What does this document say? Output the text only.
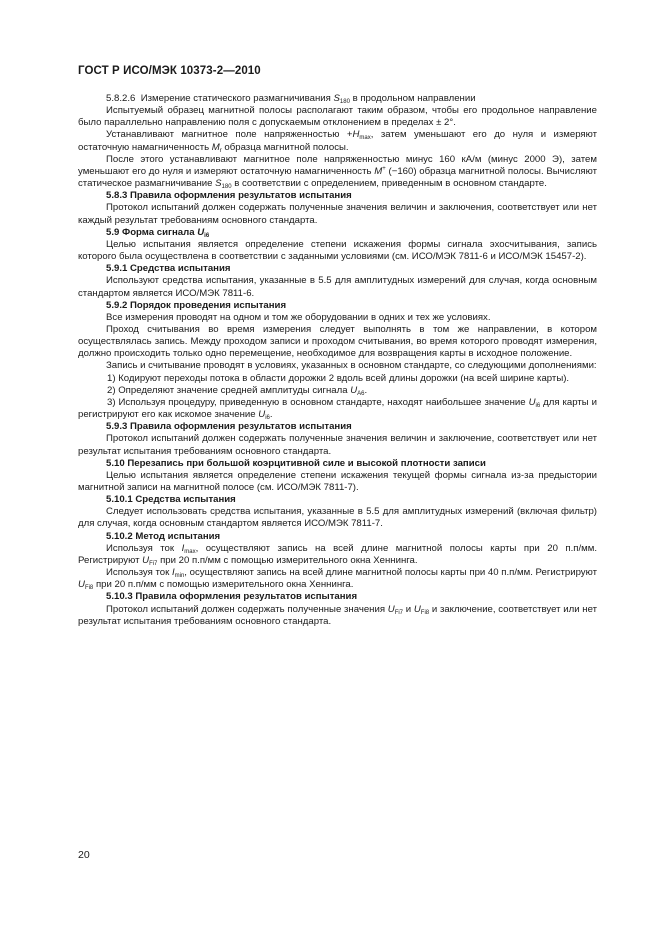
ГОСТ Р ИСО/МЭК 10373-2—2010

5.8.2.6 Измерение статического размагничивания $S_{180}$ в продольном направлении

Испытуемый образец магнитной полосы располагают таким образом, чтобы его продольное направление было параллельно направлению поля с допускаемым отклонением в пределах ± 2°.

Устанавливают магнитное поле напряженностью $+H_{max}$, затем уменьшают его до нуля и измеряют остаточную намагниченность $M_r$ образца магнитной полосы.

После этого устанавливают магнитное поле напряженностью минус 160 кА/м (минус 2000 Э), затем уменьшают его до нуля и измеряют остаточную намагниченность M+ (−160) образца магнитной полосы. Вычисляют статическое размагничивание $S_{180}$ в соответствии с определением, приведенным в основном стандарте.

5.8.3 Правила оформления результатов испытания

Протокол испытаний должен содержать полученные значения величин и заключения, соответствует или нет каждый результат требованиям основного стандарта.

5.9 Форма сигнала $U_{i6}$

Целью испытания является определение степени искажения формы сигнала эхосчитывания, запись которого была осуществлена в соответствии с заданными условиями (см. ИСО/МЭК 7811-6 и ИСО/МЭК 15457-2).

5.9.1 Средства испытания

Используют средства испытания, указанные в 5.5 для амплитудных измерений для случая, когда основным стандартом является ИСО/МЭК 7811-6.

5.9.2 Порядок проведения испытания

Все измерения проводят на одном и том же оборудовании в одних и тех же условиях.

Проход считывания во время измерения следует выполнять в том же направлении, в котором осуществлялась запись. Между проходом записи и проходом считывания, во время которого проводят измерения, должно происходить только одно перемещение, необходимое для возвращения карты в исходное положение.

Запись и считывание проводят в условиях, указанных в основном стандарте, со следующими дополнениями:

1) Кодируют переходы потока в области дорожки 2 вдоль всей длины дорожки (на всей ширине карты).

2) Определяют значение средней амплитуды сигнала $U_{A6}$.

3) Используя процедуру, приведенную в основном стандарте, находят наибольшее значение $U_{i6}$ для карты и регистрируют его как искомое значение $U_{i6}$.

5.9.3 Правила оформления результатов испытания

Протокол испытаний должен содержать полученные значения величин и заключение, соответствует или нет результат испытания требованиям основного стандарта.

5.10 Перезапись при большой коэрцитивной силе и высокой плотности записи

Целью испытания является определение степени искажения текущей формы сигнала из-за предыстории магнитной записи на магнитной полосе (см. ИСО/МЭК 7811-7).

5.10.1 Средства испытания

Следует использовать средства испытания, указанные в 5.5 для амплитудных измерений (включая фильтр) для случая, когда основным стандартом является ИСО/МЭК 7811-7.

5.10.2 Метод испытания

Используя ток $I_{max}$, осуществляют запись на всей длине магнитной полосы карты при 20 п.п/мм. Регистрируют $U_{Fi7}$ при 20 п.п/мм с помощью измерительного окна Хеннинга.

Используя ток $I_{min}$, осуществляют запись на всей длине магнитной полосы карты при 40 п.п/мм. Регистрируют $U_{Fi8}$ при 20 п.п/мм с помощью измерительного окна Хеннинга.

5.10.3 Правила оформления результатов испытания

Протокол испытаний должен содержать полученные значения $U_{Fi7}$ и $U_{Fi8}$ и заключение, соответствует или нет результат испытания требованиям основного стандарта.

20
